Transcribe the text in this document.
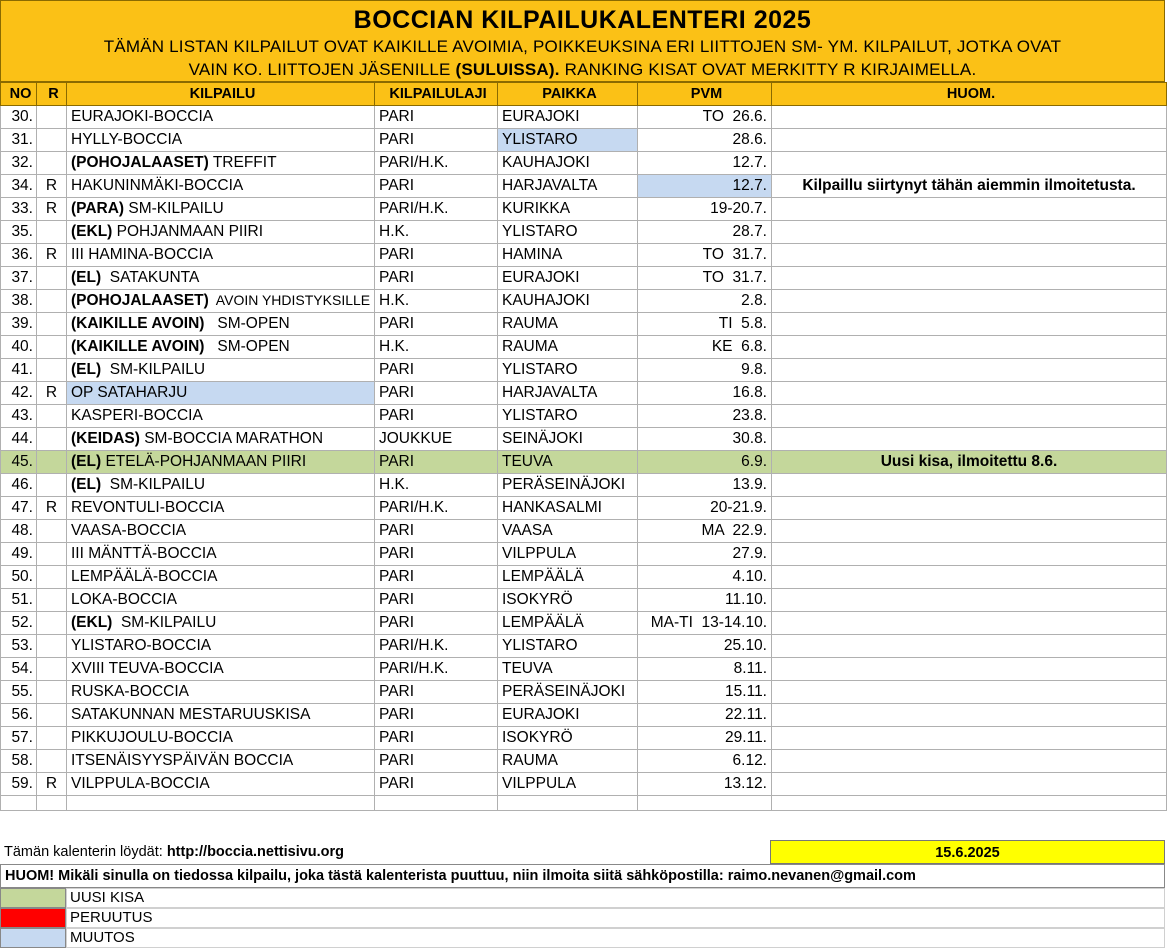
BOCCIAN KILPAILUKALENTERI 2025
TÄMÄN LISTAN KILPAILUT OVAT KAIKILLE AVOIMIA, POIKKEUKSINA ERI LIITTOJEN SM- YM. KILPAILUT, JOTKA OVAT
VAIN KO. LIITTOJEN JÄSENILLE (SULUISSA). RANKING KISAT OVAT MERKITTY R KIRJAIMELLA.
NO	R	KILPAILU	KILPAILULAJI	PAIKKA	PVM	HUOM.
30.		EURAJOKI-BOCCIA	PARI	EURAJOKI	TO  26.6.	
31.		HYLLY-BOCCIA	PARI	YLISTARO	28.6.	
32.		(POHOJALAASET) TREFFIT	PARI/H.K.	KAUHAJOKI	12.7.	
34.	R	HAKUNINMÄKI-BOCCIA	PARI	HARJAVALTA	12.7.	Kilpaillu siirtynyt tähän aiemmin ilmoitetusta.
33.	R	(PARA) SM-KILPAILU	PARI/H.K.	KURIKKA	19-20.7.	
35.		(EKL) POHJANMAAN PIIRI	H.K.	YLISTARO	28.7.	
36.	R	III HAMINA-BOCCIA	PARI	HAMINA	TO  31.7.	
37.		(EL)  SATAKUNTA	PARI	EURAJOKI	TO  31.7.	
38.		(POHOJALAASET)  AVOIN YHDISTYKSILLE	H.K.	KAUHAJOKI	2.8.	
39.		(KAIKILLE AVOIN)   SM-OPEN	PARI	RAUMA	TI  5.8.	
40.		(KAIKILLE AVOIN)   SM-OPEN	H.K.	RAUMA	KE  6.8.	
41.		(EL)  SM-KILPAILU	PARI	YLISTARO	9.8.	
42.	R	OP SATAHARJU	PARI	HARJAVALTA	16.8.	
43.		KASPERI-BOCCIA	PARI	YLISTARO	23.8.	
44.		(KEIDAS) SM-BOCCIA MARATHON	JOUKKUE	SEINÄJOKI	30.8.	
45.		(EL) ETELÄ-POHJANMAAN PIIRI	PARI	TEUVA	6.9.	Uusi kisa, ilmoitettu 8.6.
46.		(EL)  SM-KILPAILU	H.K.	PERÄSEINÄJOKI	13.9.	
47.	R	REVONTULI-BOCCIA	PARI/H.K.	HANKASALMI	20-21.9.	
48.		VAASA-BOCCIA	PARI	VAASA	MA  22.9.	
49.		III MÄNTTÄ-BOCCIA	PARI	VILPPULA	27.9.	
50.		LEMPÄÄLÄ-BOCCIA	PARI	LEMPÄÄLÄ	4.10.	
51.		LOKA-BOCCIA	PARI	ISOKYRÖ	11.10.	
52.		(EKL)  SM-KILPAILU	PARI	LEMPÄÄLÄ	MA-TI  13-14.10.	
53.		YLISTARO-BOCCIA	PARI/H.K.	YLISTARO	25.10.	
54.		XVIII TEUVA-BOCCIA	PARI/H.K.	TEUVA	8.11.	
55.		RUSKA-BOCCIA	PARI	PERÄSEINÄJOKI	15.11.	
56.		SATAKUNNAN MESTARUUSKISA	PARI	EURAJOKI	22.11.	
57.		PIKKUJOULU-BOCCIA	PARI	ISOKYRÖ	29.11.	
58.		ITSENÄISYYSPÄIVÄN BOCCIA	PARI	RAUMA	6.12.	
59.	R	VILPPULA-BOCCIA	PARI	VILPPULA	13.12.	

Tämän kalenterin löydät: http://boccia.nettisivu.org	15.6.2025
HUOM! Mikäli sinulla on tiedossa kilpailu, joka tästä kalenterista puuttuu, niin ilmoita siitä sähköpostilla: raimo.nevanen@gmail.com
UUSI KISA
PERUUTUS
MUUTOS
